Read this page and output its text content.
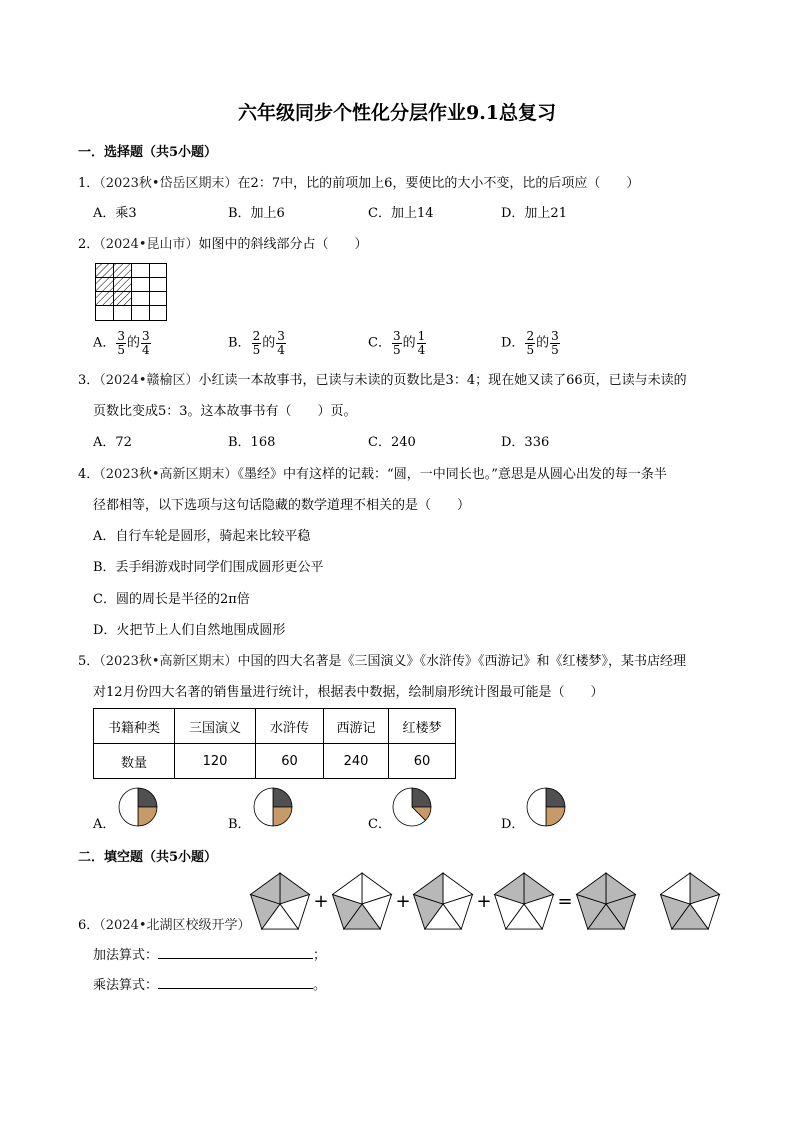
六年级同步个性化分层作业9.1总复习
一．选择题（共5小题）
1．（2023秋•岱岳区期末）在2：7中，比的前项加上6，要使比的大小不变，比的后项应（　　）
A．乘3	B．加上6	C．加上14	D．加上21
2．（2024•昆山市）如图中的斜线部分占（　　）
A． $\frac{3}{5}$ 的 $\frac{3}{4}$	B． $\frac{2}{5}$ 的 $\frac{3}{4}$	C． $\frac{3}{5}$ 的 $\frac{1}{4}$	D． $\frac{2}{5}$ 的 $\frac{3}{5}$
3．（2024•赣榆区）小红读一本故事书，已读与未读的页数比是3：4；现在她又读了66页，已读与未读的
页数比变成5：3。这本故事书有（　　）页。
A．72	B．168	C．240	D．336
4．（2023秋•高新区期末）《墨经》中有这样的记载：“圆，一中同长也。”意思是从圆心出发的每一条半
径都相等，以下选项与这句话隐藏的数学道理不相关的是（　　）
A．自行车轮是圆形，骑起来比较平稳
B．丢手绢游戏时同学们围成圆形更公平
C．圆的周长是半径的2π倍
D．火把节上人们自然地围成圆形
5．（2023秋•高新区期末）中国的四大名著是《三国演义》《水浒传》《西游记》和《红楼梦》，某书店经理
对12月份四大名著的销售量进行统计，根据表中数据，绘制扇形统计图最可能是（　　）
书籍种类	三国演义	水浒传	西游记	红楼梦
数量	120	60	240	60
A．	B．	C．	D．
二．填空题（共5小题）
6．（2024•北湖区校级开学）
+	+	+	=
加法算式：	；
乘法算式：	。
